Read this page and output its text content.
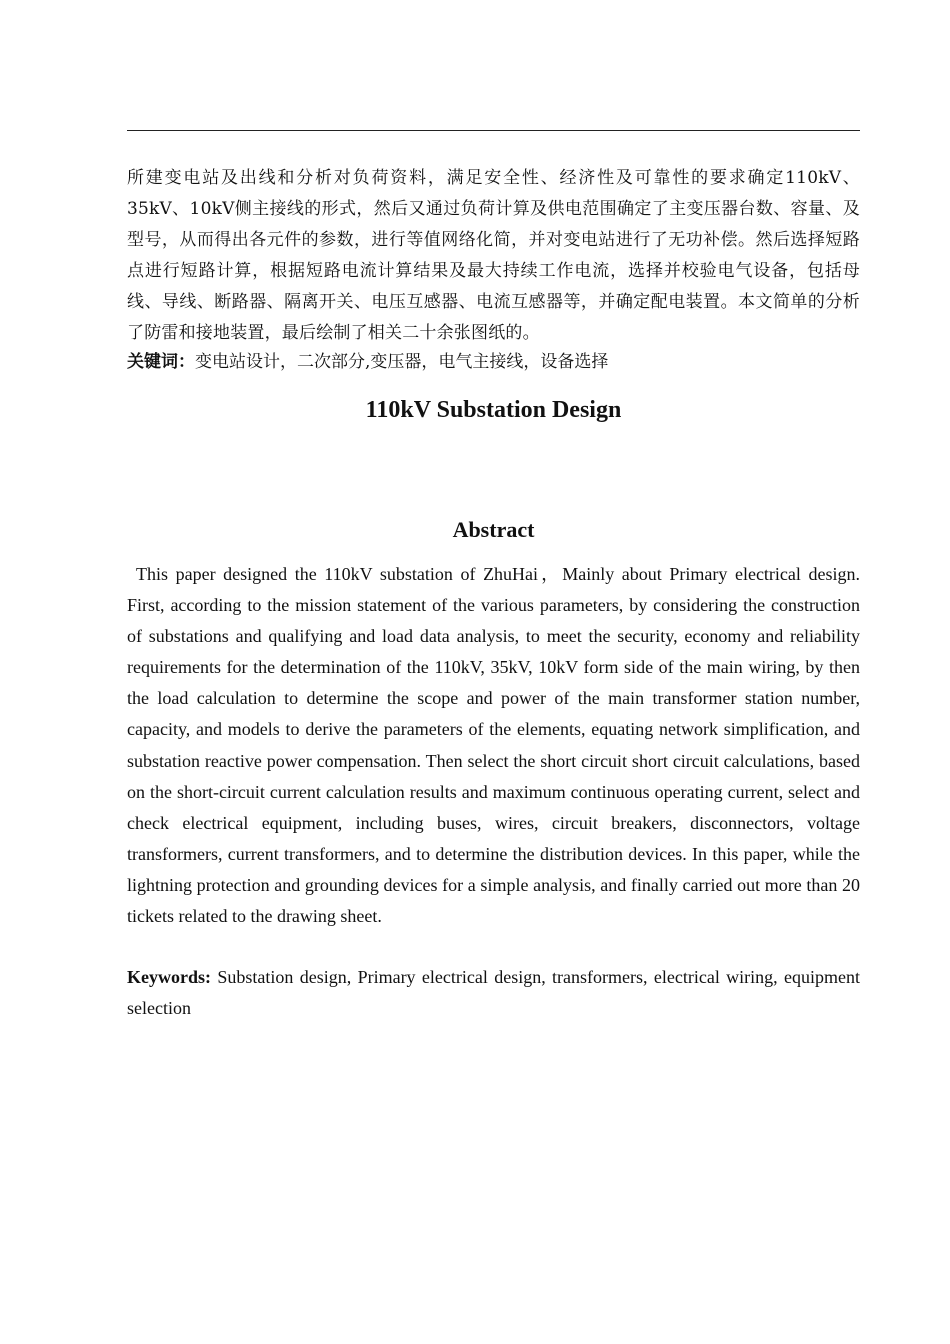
所建变电站及出线和分析对负荷资料，满足安全性、经济性及可靠性的要求确定110kV、35kV、10kV侧主接线的形式，然后又通过负荷计算及供电范围确定了主变压器台数、容量、及型号，从而得出各元件的参数，进行等值网络化简，并对变电站进行了无功补偿。然后选择短路点进行短路计算，根据短路电流计算结果及最大持续工作电流，选择并校验电气设备，包括母线、导线、断路器、隔离开关、电压互感器、电流互感器等，并确定配电装置。本文简单的分析了防雷和接地装置，最后绘制了相关二十余张图纸的。

关键词：变电站设计，二次部分,变压器，电气主接线，设备选择

110kV Substation Design
Abstract

This paper designed the 110kV substation of ZhuHai，Mainly about Primary electrical design. First, according to the mission statement of the various parameters, by considering the construction of substations and qualifying and load data analysis, to meet the security, economy and reliability requirements for the determination of the 110kV, 35kV, 10kV form side of the main wiring, by then the load calculation to determine the scope and power of the main transformer station number, capacity, and models to derive the parameters of the elements, equating network simplification, and substation reactive power compensation. Then select the short circuit short circuit calculations, based on the short-circuit current calculation results and maximum continuous operating current, select and check electrical equipment, including buses, wires, circuit breakers, disconnectors, voltage transformers, current transformers, and to determine the distribution devices. In this paper, while the lightning protection and grounding devices for a simple analysis, and finally carried out more than 20 tickets related to the drawing sheet.

Keywords: Substation design, Primary electrical design, transformers, electrical wiring, equipment selection
